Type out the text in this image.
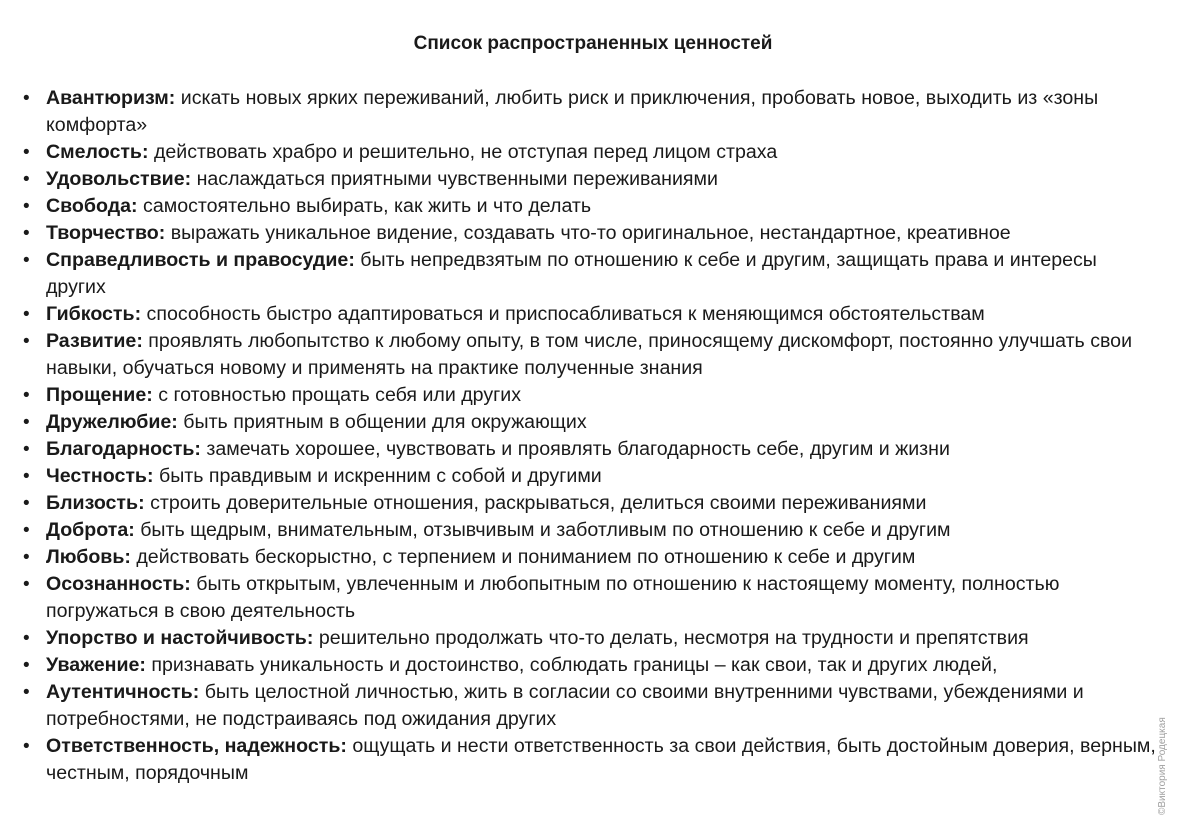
Список распространенных ценностей
• Авантюризм: искать новых ярких переживаний, любить риск и приключения, пробовать новое, выходить из «зоны комфорта»
• Смелость: действовать храбро и решительно, не отступая перед лицом страха
• Удовольствие: наслаждаться приятными чувственными переживаниями
• Свобода: самостоятельно выбирать, как жить и что делать
• Творчество: выражать уникальное видение, создавать что-то оригинальное, нестандартное, креативное
• Справедливость и правосудие: быть непредвзятым по отношению к себе и другим, защищать права и интересы других
• Гибкость: способность быстро адаптироваться и приспосабливаться к меняющимся обстоятельствам
• Развитие: проявлять любопытство к любому опыту, в том числе, приносящему дискомфорт, постоянно улучшать свои навыки, обучаться новому и применять на практике полученные знания
• Прощение: с готовностью прощать себя или других
• Дружелюбие: быть приятным в общении для окружающих
• Благодарность: замечать хорошее, чувствовать и проявлять благодарность себе, другим и жизни
• Честность: быть правдивым и искренним с собой и другими
• Близость: строить доверительные отношения, раскрываться, делиться своими переживаниями
• Доброта: быть щедрым, внимательным, отзывчивым и заботливым по отношению к себе и другим
• Любовь: действовать бескорыстно, с терпением и пониманием по отношению к себе и другим
• Осознанность: быть открытым, увлеченным и любопытным по отношению к настоящему моменту, полностью погружаться в свою деятельность
• Упорство и настойчивость: решительно продолжать что-то делать, несмотря на трудности и препятствия
• Уважение: признавать уникальность и достоинство, соблюдать границы – как свои, так и других людей,
• Аутентичность: быть целостной личностью, жить в согласии со своими внутренними чувствами, убеждениями и потребностями, не подстраиваясь под ожидания других
• Ответственность, надежность: ощущать и нести ответственность за свои действия, быть достойным доверия, верным, честным, порядочным	©Виктория Родецкая
